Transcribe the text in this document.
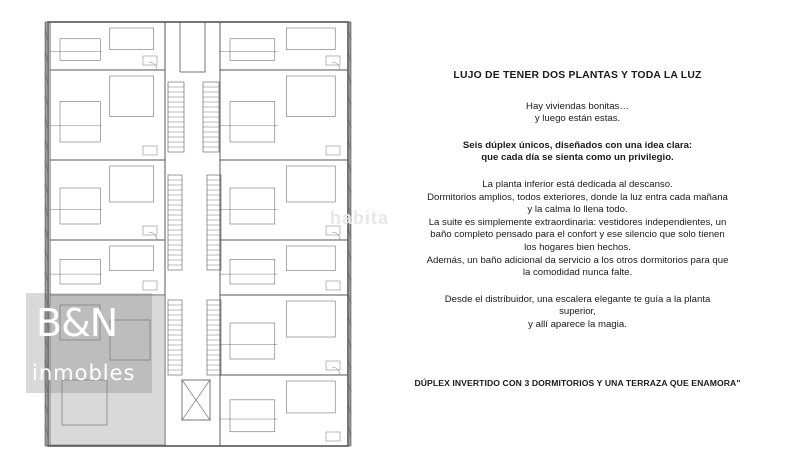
habita
B&N
inmobles
LUJO DE TENER DOS PLANTAS Y TODA LA LUZ
Hay viviendas bonitas…
y luego están estas.
Seis dúplex únicos, diseñados con una idea clara:
que cada día se sienta como un privilegio.
La planta inferior está dedicada al descanso.
Dormitorios amplios, todos exteriores, donde la luz entra cada mañana
y la calma lo llena todo.
La suite es simplemente extraordinaria: vestidores independientes, un
baño completo pensado para el confort y ese silencio que solo tienen
los hogares bien hechos.
Además, un baño adicional da servicio a los otros dormitorios para que
la comodidad nunca falte.
Desde el distribuidor, una escalera elegante te guía a la planta
superior,
y allí aparece la magia.
DÚPLEX INVERTIDO CON 3 DORMITORIOS Y UNA TERRAZA QUE ENAMORA"
